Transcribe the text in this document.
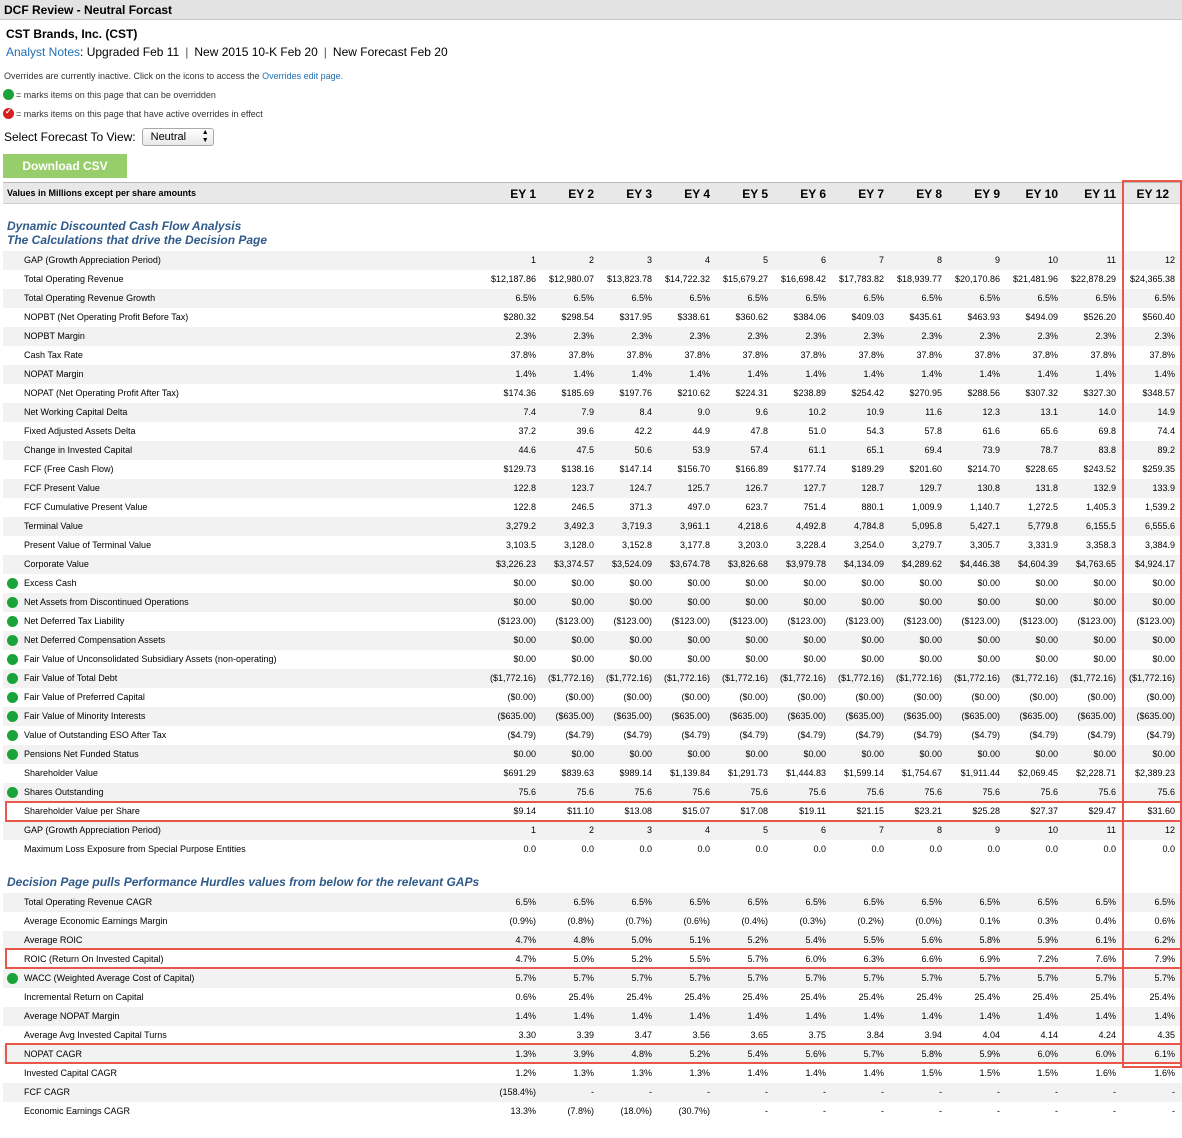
DCF Review - Neutral Forcast
CST Brands, Inc. (CST)
Analyst Notes: Upgraded Feb 11 | New 2015 10-K Feb 20 | New Forecast Feb 20
Overrides are currently inactive. Click on the icons to access the Overrides edit page.
= marks items on this page that can be overridden
✓
= marks items on this page that have active overrides in effect
Select Forecast To View:	Neutral ▲
▼
Download CSV
Values in Millions except per share amounts	EY 1	EY 2	EY 3	EY 4	EY 5	EY 6	EY 7	EY 8	EY 9	EY 10	EY 11	EY 12
Dynamic Discounted Cash Flow Analysis
The Calculations that drive the Decision Page
GAP (Growth Appreciation Period)	1	2	3	4	5	6	7	8	9	10	11	12
Total Operating Revenue	$12,187.86	$12,980.07	$13,823.78	$14,722.32	$15,679.27	$16,698.42	$17,783.82	$18,939.77	$20,170.86	$21,481.96	$22,878.29	$24,365.38
Total Operating Revenue Growth	6.5%	6.5%	6.5%	6.5%	6.5%	6.5%	6.5%	6.5%	6.5%	6.5%	6.5%	6.5%
NOPBT (Net Operating Profit Before Tax)	$280.32	$298.54	$317.95	$338.61	$360.62	$384.06	$409.03	$435.61	$463.93	$494.09	$526.20	$560.40
NOPBT Margin	2.3%	2.3%	2.3%	2.3%	2.3%	2.3%	2.3%	2.3%	2.3%	2.3%	2.3%	2.3%
Cash Tax Rate	37.8%	37.8%	37.8%	37.8%	37.8%	37.8%	37.8%	37.8%	37.8%	37.8%	37.8%	37.8%
NOPAT Margin	1.4%	1.4%	1.4%	1.4%	1.4%	1.4%	1.4%	1.4%	1.4%	1.4%	1.4%	1.4%
NOPAT (Net Operating Profit After Tax)	$174.36	$185.69	$197.76	$210.62	$224.31	$238.89	$254.42	$270.95	$288.56	$307.32	$327.30	$348.57
Net Working Capital Delta	7.4	7.9	8.4	9.0	9.6	10.2	10.9	11.6	12.3	13.1	14.0	14.9
Fixed Adjusted Assets Delta	37.2	39.6	42.2	44.9	47.8	51.0	54.3	57.8	61.6	65.6	69.8	74.4
Change in Invested Capital	44.6	47.5	50.6	53.9	57.4	61.1	65.1	69.4	73.9	78.7	83.8	89.2
FCF (Free Cash Flow)	$129.73	$138.16	$147.14	$156.70	$166.89	$177.74	$189.29	$201.60	$214.70	$228.65	$243.52	$259.35
FCF Present Value	122.8	123.7	124.7	125.7	126.7	127.7	128.7	129.7	130.8	131.8	132.9	133.9
FCF Cumulative Present Value	122.8	246.5	371.3	497.0	623.7	751.4	880.1	1,009.9	1,140.7	1,272.5	1,405.3	1,539.2
Terminal Value	3,279.2	3,492.3	3,719.3	3,961.1	4,218.6	4,492.8	4,784.8	5,095.8	5,427.1	5,779.8	6,155.5	6,555.6
Present Value of Terminal Value	3,103.5	3,128.0	3,152.8	3,177.8	3,203.0	3,228.4	3,254.0	3,279.7	3,305.7	3,331.9	3,358.3	3,384.9
Corporate Value	$3,226.23	$3,374.57	$3,524.09	$3,674.78	$3,826.68	$3,979.78	$4,134.09	$4,289.62	$4,446.38	$4,604.39	$4,763.65	$4,924.17
Excess Cash	$0.00	$0.00	$0.00	$0.00	$0.00	$0.00	$0.00	$0.00	$0.00	$0.00	$0.00	$0.00
Net Assets from Discontinued Operations	$0.00	$0.00	$0.00	$0.00	$0.00	$0.00	$0.00	$0.00	$0.00	$0.00	$0.00	$0.00
Net Deferred Tax Liability	($123.00)	($123.00)	($123.00)	($123.00)	($123.00)	($123.00)	($123.00)	($123.00)	($123.00)	($123.00)	($123.00)	($123.00)
Net Deferred Compensation Assets	$0.00	$0.00	$0.00	$0.00	$0.00	$0.00	$0.00	$0.00	$0.00	$0.00	$0.00	$0.00
Fair Value of Unconsolidated Subsidiary Assets (non-operating)	$0.00	$0.00	$0.00	$0.00	$0.00	$0.00	$0.00	$0.00	$0.00	$0.00	$0.00	$0.00
Fair Value of Total Debt	($1,772.16)	($1,772.16)	($1,772.16)	($1,772.16)	($1,772.16)	($1,772.16)	($1,772.16)	($1,772.16)	($1,772.16)	($1,772.16)	($1,772.16)	($1,772.16)
Fair Value of Preferred Capital	($0.00)	($0.00)	($0.00)	($0.00)	($0.00)	($0.00)	($0.00)	($0.00)	($0.00)	($0.00)	($0.00)	($0.00)
Fair Value of Minority Interests	($635.00)	($635.00)	($635.00)	($635.00)	($635.00)	($635.00)	($635.00)	($635.00)	($635.00)	($635.00)	($635.00)	($635.00)
Value of Outstanding ESO After Tax	($4.79)	($4.79)	($4.79)	($4.79)	($4.79)	($4.79)	($4.79)	($4.79)	($4.79)	($4.79)	($4.79)	($4.79)
Pensions Net Funded Status	$0.00	$0.00	$0.00	$0.00	$0.00	$0.00	$0.00	$0.00	$0.00	$0.00	$0.00	$0.00
Shareholder Value	$691.29	$839.63	$989.14	$1,139.84	$1,291.73	$1,444.83	$1,599.14	$1,754.67	$1,911.44	$2,069.45	$2,228.71	$2,389.23
Shares Outstanding	75.6	75.6	75.6	75.6	75.6	75.6	75.6	75.6	75.6	75.6	75.6	75.6
Shareholder Value per Share	$9.14	$11.10	$13.08	$15.07	$17.08	$19.11	$21.15	$23.21	$25.28	$27.37	$29.47	$31.60
GAP (Growth Appreciation Period)	1	2	3	4	5	6	7	8	9	10	11	12
Maximum Loss Exposure from Special Purpose Entities	0.0	0.0	0.0	0.0	0.0	0.0	0.0	0.0	0.0	0.0	0.0	0.0
Decision Page pulls Performance Hurdles values from below for the relevant GAPs
Total Operating Revenue CAGR	6.5%	6.5%	6.5%	6.5%	6.5%	6.5%	6.5%	6.5%	6.5%	6.5%	6.5%	6.5%
Average Economic Earnings Margin	(0.9%)	(0.8%)	(0.7%)	(0.6%)	(0.4%)	(0.3%)	(0.2%)	(0.0%)	0.1%	0.3%	0.4%	0.6%
Average ROIC	4.7%	4.8%	5.0%	5.1%	5.2%	5.4%	5.5%	5.6%	5.8%	5.9%	6.1%	6.2%
ROIC (Return On Invested Capital)	4.7%	5.0%	5.2%	5.5%	5.7%	6.0%	6.3%	6.6%	6.9%	7.2%	7.6%	7.9%
WACC (Weighted Average Cost of Capital)	5.7%	5.7%	5.7%	5.7%	5.7%	5.7%	5.7%	5.7%	5.7%	5.7%	5.7%	5.7%
Incremental Return on Capital	0.6%	25.4%	25.4%	25.4%	25.4%	25.4%	25.4%	25.4%	25.4%	25.4%	25.4%	25.4%
Average NOPAT Margin	1.4%	1.4%	1.4%	1.4%	1.4%	1.4%	1.4%	1.4%	1.4%	1.4%	1.4%	1.4%
Average Avg Invested Capital Turns	3.30	3.39	3.47	3.56	3.65	3.75	3.84	3.94	4.04	4.14	4.24	4.35
NOPAT CAGR	1.3%	3.9%	4.8%	5.2%	5.4%	5.6%	5.7%	5.8%	5.9%	6.0%	6.0%	6.1%
Invested Capital CAGR	1.2%	1.3%	1.3%	1.3%	1.4%	1.4%	1.4%	1.5%	1.5%	1.5%	1.6%	1.6%
FCF CAGR	(158.4%)	-	-	-	-	-	-	-	-	-	-	-
Economic Earnings CAGR	13.3%	(7.8%)	(18.0%)	(30.7%)	-	-	-	-	-	-	-	-
